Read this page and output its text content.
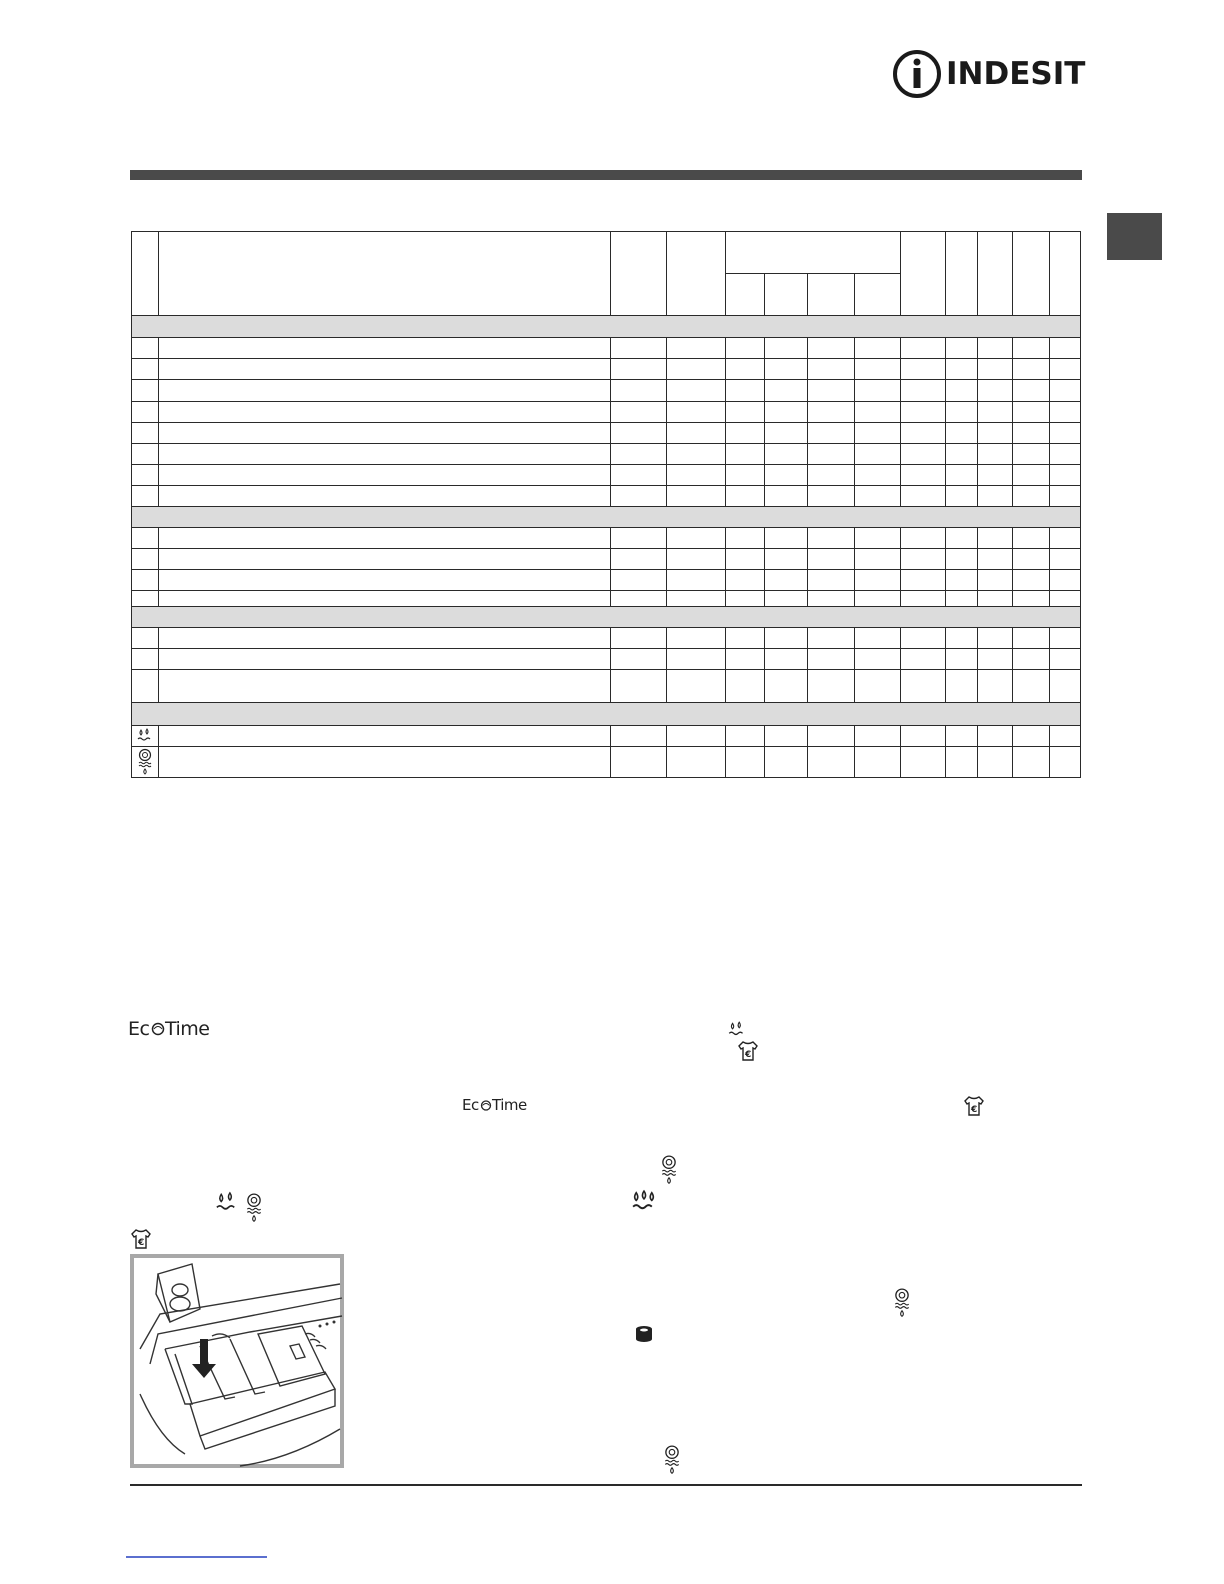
INDESIT

Ec Time
Ec Time
€
€
€
